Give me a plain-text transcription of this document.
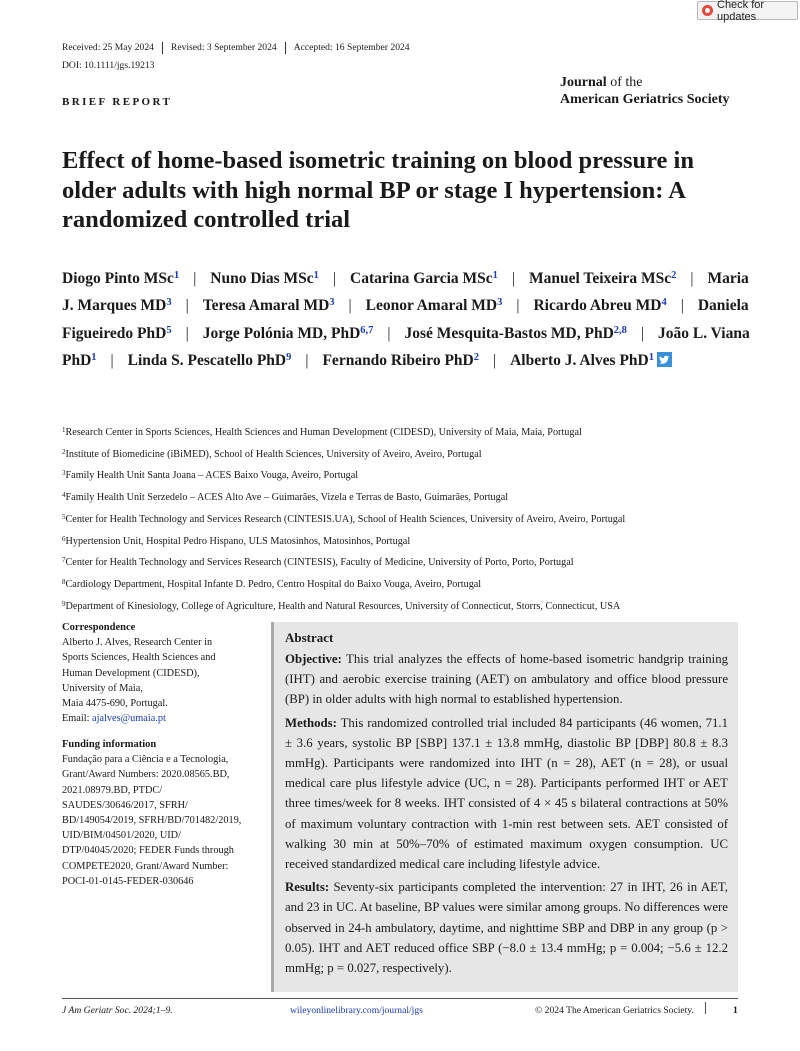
Check for updates
Received: 25 May 2024 Revised: 3 September 2024 Accepted: 16 September 2024
DOI: 10.1111/jgs.19213
BRIEF REPORT
Journal of the
American Geriatrics Society
Effect of home-based isometric training on blood pressure in older adults with high normal BP or stage I hypertension: A randomized controlled trial
Diogo Pinto MSc$^1$ | Nuno Dias MSc$^1$ | Catarina Garcia MSc$^1$ | Manuel Teixeira MSc$^2$ | Maria J. Marques $MD^3$ | Teresa Amaral $MD^3$ | Leonor Amaral $MD^3$ | Ricardo Abreu $MD^4$ | Daniela Figueiredo PhD$^5$ | Jorge Polónia MD, PhD$^{6,7}$ | José Mesquita-Bastos MD, PhD$^{2,8}$ | João L. Viana PhD$^1$ | Linda S. Pescatello PhD$^9$ | Fernando Ribeiro PhD$^2$ | Alberto J. Alves PhD$^1$
$^1$Research Center in Sports Sciences, Health Sciences and Human Development (CIDESD), University of Maia, Maia, Portugal
$^2$Institute of Biomedicine (iBiMED), School of Health Sciences, University of Aveiro, Aveiro, Portugal
$^3$Family Health Unit Santa Joana – ACES Baixo Vouga, Aveiro, Portugal
$^4$Family Health Unit Serzedelo – ACES Alto Ave – Guimarães, Vizela e Terras de Basto, Guimarães, Portugal
$^5$Center for Health Technology and Services Research (CINTESIS.UA), School of Health Sciences, University of Aveiro, Aveiro, Portugal
$^6$Hypertension Unit, Hospital Pedro Hispano, ULS Matosinhos, Matosinhos, Portugal
$^7$Center for Health Technology and Services Research (CINTESIS), Faculty of Medicine, University of Porto, Porto, Portugal
$^8$Cardiology Department, Hospital Infante D. Pedro, Centro Hospital do Baixo Vouga, Aveiro, Portugal
$^9$Department of Kinesiology, College of Agriculture, Health and Natural Resources, University of Connecticut, Storrs, Connecticut, USA
Correspondence
Alberto J. Alves, Research Center in
Sports Sciences, Health Sciences and
Human Development (CIDESD),
University of Maia,
Maia 4475-690, Portugal.
Email: ajalves@umaia.pt
Funding information
Fundação para a Ciência e a Tecnologia,
Grant/Award Numbers: 2020.08565.BD,
2021.08979.BD, PTDC/
SAUDES/30646/2017, SFRH/
BD/149054/2019, SFRH/BD/701482/2019,
UID/BIM/04501/2020, UID/
DTP/04045/2020; FEDER Funds through
COMPETE2020, Grant/Award Number:
POCI-01-0145-FEDER-030646
Abstract

Objective: This trial analyzes the effects of home-based isometric handgrip training (IHT) and aerobic exercise training (AET) on ambulatory and office blood pressure (BP) in older adults with high normal to established hypertension.

Methods: This randomized controlled trial included 84 participants (46 women, 71.1 ± 3.6 years, systolic BP [SBP] 137.1 ± 13.8 mmHg, diastolic BP [DBP] 80.8 ± 8.3 mmHg). Participants were randomized into IHT (n = 28), AET (n = 28), or usual medical care plus lifestyle advice (UC, n = 28). Participants performed IHT or AET three times/week for 8 weeks. IHT consisted of 4 × 45 s bilateral contractions at 50% of maximum voluntary contraction with 1-min rest between sets. AET consisted of walking 30 min at 50%–70% of estimated maximum oxygen consumption. UC received standardized medical care including lifestyle advice.

Results: Seventy-six participants completed the intervention: 27 in IHT, 26 in AET, and 23 in UC. At baseline, BP values were similar among groups. No differences were observed in 24-h ambulatory, daytime, and nighttime SBP and DBP in any group (p > 0.05). IHT and AET reduced office SBP (−8.0 ± 13.4 mmHg; p = 0.004; −5.6 ± 12.2 mmHg; p = 0.027, respectively).

J Am Geriatr Soc. 2024;1–9.	wileyonlinelibrary.com/journal/jgs	© 2024 The American Geriatrics Society.	1
